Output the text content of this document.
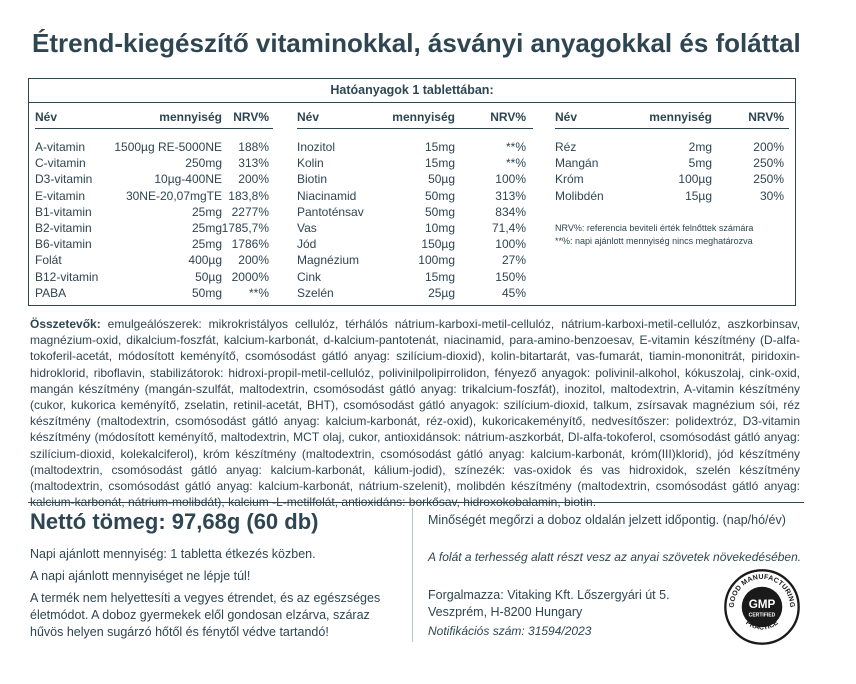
Étrend-kiegészítő vitaminokkal, ásványi anyagokkal és foláttal
Hatóanyagok 1 tablettában:
Név	mennyiség NRV%
A-vitamin	1500µg RE-5000NE	188%
C-vitamin	250mg	313%
D3-vitamin	10µg-400NE	200%
E-vitamin	30NE-20,07mgTE 183,8%
B1-vitamin	25mg 2277%
B2-vitamin	25mg 1785,7%
B6-vitamin	25mg 1786%
Folát	400µg	200%
B12-vitamin	50µg 2000%
PABA	50mg	**%
Név	mennyiség	NRV%
Inozitol	15mg	**%
Kolin	15mg	**%
Biotin	50µg	100%
Niacinamid	50mg	313%
Pantoténsav	50mg	834%
Vas	10mg	71,4%
Jód	150µg	100%
Magnézium	100mg	27%
Cink	15mg	150%
Szelén	25µg	45%
Név	mennyiség	NRV%
Réz	2mg	200%
Mangán	5mg	250%
Króm	100µg	250%
Molibdén	15µg	30%
NRV%: referencia beviteli érték felnőttek számára
**%: napi ajánlott mennyiség nincs meghatározva
Összetevők: emulgeálószerek: mikrokristályos cellulóz, térhálós nátrium-karboxi-metil-cellulóz, nátrium-karboxi-metil-cellulóz, aszkorbinsav, magnézium-oxid, dikalcium-foszfát, kalcium-karbonát, d-kalcium-pantotenát, niacinamid, para-amino-benzoesav, E-vitamin készítmény (D-alfa-tokoferil-acetát, módosított keményítő, csomósodást gátló anyag: szilícium-dioxid), kolin-bitartarát, vas-fumarát, tiamin-mononitrát, piridoxin-hidroklorid, riboflavin, stabilizátorok: hidroxi-propil-metil-cellulóz, polivinilpolipirrolidon, fényező anyagok: polivinil-alkohol, kókuszolaj, cink-oxid, mangán készítmény (mangán-szulfát, maltodextrin, csomósodást gátló anyag: trikalcium-foszfát), inozitol, maltodextrin, A-vitamin készítmény (cukor, kukorica keményítő, zselatin, retinil-acetát, BHT), csomósodást gátló anyagok: szilícium-dioxid, talkum, zsírsavak magnézium sói, réz készítmény (maltodextrin, csomósodást gátló anyag: kalcium-karbonát, réz-oxid), kukoricakeményítő, nedvesítőszer: polidextróz, D3-vitamin készítmény (módosított keményítő, maltodextrin, MCT olaj, cukor, antioxidánsok: nátrium-aszkorbát, Dl-alfa-tokoferol, csomósodást gátló anyag: szilícium-dioxid, kolekalciferol), króm készítmény (maltodextrin, csomósodást gátló anyag: kalcium-karbonát, króm(III)klorid), jód készítmény (maltodextrin, csomósodást gátló anyag: kalcium-karbonát, kálium-jodid), színezék: vas-oxidok és vas hidroxidok, szelén készítmény (maltodextrin, csomósodást gátló anyag: kalcium-karbonát, nátrium-szelenit), molibdén készítmény (maltodextrin, csomósodást gátló anyag: kalcium-karbonát, nátrium-molibdát), kalcium -L-metilfolát, antioxidáns: borkősav, hidroxokobalamin, biotin.
Nettó tömeg: 97,68g (60 db)
Napi ajánlott mennyiség: 1 tabletta étkezés közben.
A napi ajánlott mennyiséget ne lépje túl!
A termék nem helyettesíti a vegyes étrendet, és az egészséges életmódot. A doboz gyermekek elől gondosan elzárva, száraz hűvös helyen sugárzó hőtől és fénytől védve tartandó!
Minőségét megőrzi a doboz oldalán jelzett időpontig. (nap/hó/év)
A folát a terhesség alatt részt vesz az anyai szövetek növekedésében.
Forgalmazza: Vitaking Kft. Lőszergyári út 5. Veszprém, H-8200 Hungary
Notifikációs szám: 31594/2023
GOOD MANUFACTURING
PRACTICE
GMP
CERTIFIED
